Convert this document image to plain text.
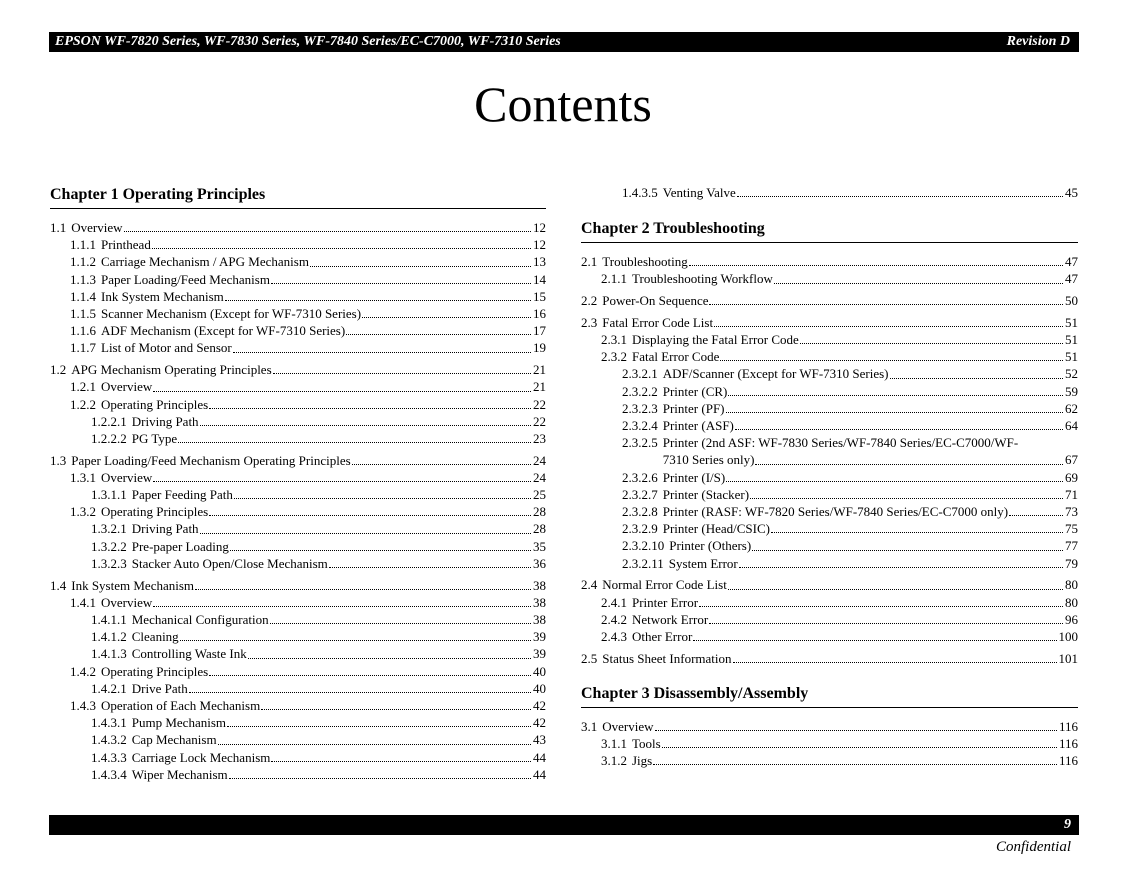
EPSON WF-7820 Series, WF-7830 Series, WF-7840 Series/EC-C7000, WF-7310 Series	Revision D
Contents
Chapter 1 Operating Principles
1.1 Overview	12
1.1.1 Printhead	12
1.1.2 Carriage Mechanism / APG Mechanism	13
1.1.3 Paper Loading/Feed Mechanism	14
1.1.4 Ink System Mechanism	15
1.1.5 Scanner Mechanism (Except for WF-7310 Series)	16
1.1.6 ADF Mechanism (Except for WF-7310 Series)	17
1.1.7 List of Motor and Sensor	19
1.2 APG Mechanism Operating Principles	21
1.2.1 Overview	21
1.2.2 Operating Principles	22
1.2.2.1 Driving Path	22
1.2.2.2 PG Type	23
1.3 Paper Loading/Feed Mechanism Operating Principles	24
1.3.1 Overview	24
1.3.1.1 Paper Feeding Path	25
1.3.2 Operating Principles	28
1.3.2.1 Driving Path	28
1.3.2.2 Pre-paper Loading	35
1.3.2.3 Stacker Auto Open/Close Mechanism	36
1.4 Ink System Mechanism	38
1.4.1 Overview	38
1.4.1.1 Mechanical Configuration	38
1.4.1.2 Cleaning	39
1.4.1.3 Controlling Waste Ink	39
1.4.2 Operating Principles	40
1.4.2.1 Drive Path	40
1.4.3 Operation of Each Mechanism	42
1.4.3.1 Pump Mechanism	42
1.4.3.2 Cap Mechanism	43
1.4.3.3 Carriage Lock Mechanism	44
1.4.3.4 Wiper Mechanism	44
1.4.3.5 Venting Valve	45
Chapter 2 Troubleshooting
2.1 Troubleshooting	47
2.1.1 Troubleshooting Workflow	47
2.2 Power-On Sequence	50
2.3 Fatal Error Code List	51
2.3.1 Displaying the Fatal Error Code	51
2.3.2 Fatal Error Code	51
2.3.2.1 ADF/Scanner (Except for WF-7310 Series)	52
2.3.2.2 Printer (CR)	59
2.3.2.3 Printer (PF)	62
2.3.2.4 Printer (ASF)	64
2.3.2.5 Printer (2nd ASF: WF-7830 Series/WF-7840 Series/EC-C7000/WF-
7310 Series only)	67
2.3.2.6 Printer (I/S)	69
2.3.2.7 Printer (Stacker)	71
2.3.2.8 Printer (RASF: WF-7820 Series/WF-7840 Series/EC-C7000 only)	73
2.3.2.9 Printer (Head/CSIC)	75
2.3.2.10 Printer (Others)	77
2.3.2.11 System Error	79
2.4 Normal Error Code List	80
2.4.1 Printer Error	80
2.4.2 Network Error	96
2.4.3 Other Error	100
2.5 Status Sheet Information	101
Chapter 3 Disassembly/Assembly
3.1 Overview	116
3.1.1 Tools	116
3.1.2 Jigs	116
9
Confidential
